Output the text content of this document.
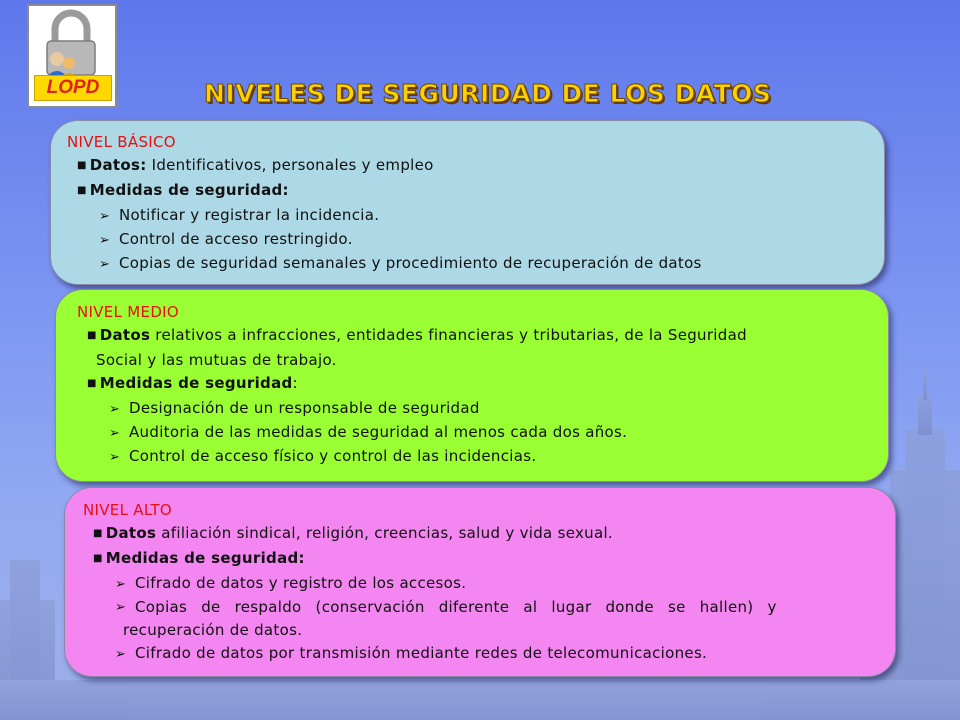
LOPD	NIVELES DE SEGURIDAD DE LOS DATOS
NIVEL BÁSICO
■ Datos: Identificativos, personales y empleo
■ Medidas de seguridad:
➢ Notificar y registrar la incidencia.
➢ Control de acceso restringido.
➢ Copias de seguridad semanales y procedimiento de recuperación de datos
NIVEL MEDIO
■ Datos relativos a infracciones, entidades financieras y tributarias, de la Seguridad
Social y las mutuas de trabajo.
■ Medidas de seguridad:
➢ Designación de un responsable de seguridad
➢ Auditoria de las medidas de seguridad al menos cada dos años.
➢ Control de acceso físico y control de las incidencias.
NIVEL ALTO
■ Datos afiliación sindical, religión, creencias, salud y vida sexual.
■ Medidas de seguridad:
➢ Cifrado de datos y registro de los accesos.
➢ Copias de respaldo (conservación diferente al lugar donde se hallen) y
recuperación de datos.
➢ Cifrado de datos por transmisión mediante redes de telecomunicaciones.
